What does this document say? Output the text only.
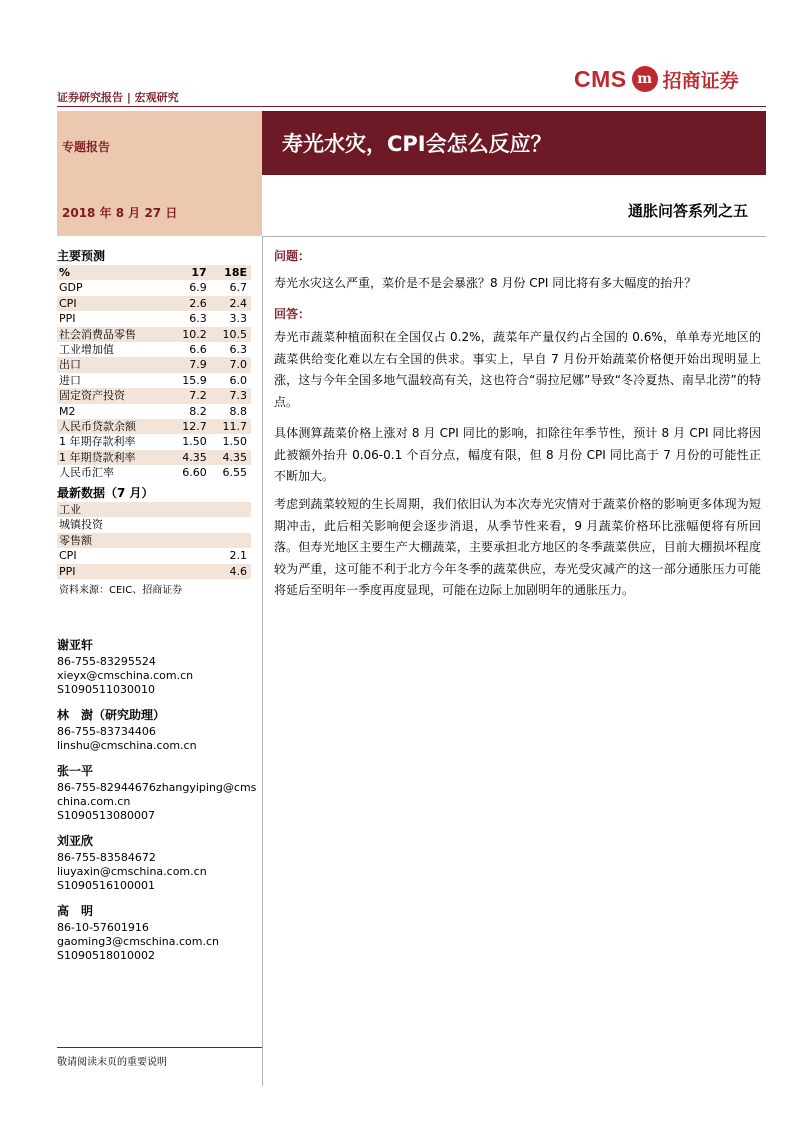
CMS m 招商证券
证券研究报告 | 宏观研究
专题报告	寿光水灾，CPI会怎么反应？
2018 年 8 月 27 日	通胀问答系列之五
主要预测
%	17	18E
GDP	6.9	6.7
CPI	2.6	2.4
PPI	6.3	3.3
社会消费品零售	10.2	10.5
工业增加值	6.6	6.3
出口	7.9	7.0
进口	15.9	6.0
固定资产投资	7.2	7.3
M2	8.2	8.8
人民币贷款余额	12.7	11.7
1 年期存款利率	1.50	1.50
1 年期贷款利率	4.35	4.35
人民币汇率	6.60	6.55
最新数据（7 月）
工业	
城镇投资	
零售额	
CPI	2.1
PPI	4.6
资料来源：CEIC、招商证券
谢亚轩
86-755-83295524
xieyx@cmschina.com.cn
S1090511030010
林　澍（研究助理）
86-755-83734406
linshu@cmschina.com.cn
张一平
86-755-82944676zhangyiping@cms
china.com.cn
S1090513080007
刘亚欣
86-755-83584672
liuyaxin@cmschina.com.cn
S1090516100001
高　明
86-10-57601916
gaoming3@cmschina.com.cn
S1090518010002
敬请阅读末页的重要说明
问题：
寿光水灾这么严重，菜价是不是会暴涨？8 月份 CPI 同比将有多大幅度的抬升？
回答：
寿光市蔬菜种植面积在全国仅占 0.2%，蔬菜年产量仅约占全国的 0.6%，单单寿光地区的蔬菜供给变化难以左右全国的供求。事实上，早自 7 月份开始蔬菜价格便开始出现明显上涨，这与今年全国多地气温较高有关，这也符合“弱拉尼娜”导致“冬冷夏热、南旱北涝”的特点。
具体测算蔬菜价格上涨对 8 月 CPI 同比的影响，扣除往年季节性，预计 8 月 CPI 同比将因此被额外抬升 0.06-0.1 个百分点，幅度有限，但 8 月份 CPI 同比高于 7 月份的可能性正不断加大。
考虑到蔬菜较短的生长周期，我们依旧认为本次寿光灾情对于蔬菜价格的影响更多体现为短期冲击，此后相关影响便会逐步消退，从季节性来看，9 月蔬菜价格环比涨幅便将有所回落。但寿光地区主要生产大棚蔬菜，主要承担北方地区的冬季蔬菜供应，目前大棚损坏程度较为严重，这可能不利于北方今年冬季的蔬菜供应，寿光受灾减产的这一部分通胀压力可能将延后至明年一季度再度显现，可能在边际上加剧明年的通胀压力。
